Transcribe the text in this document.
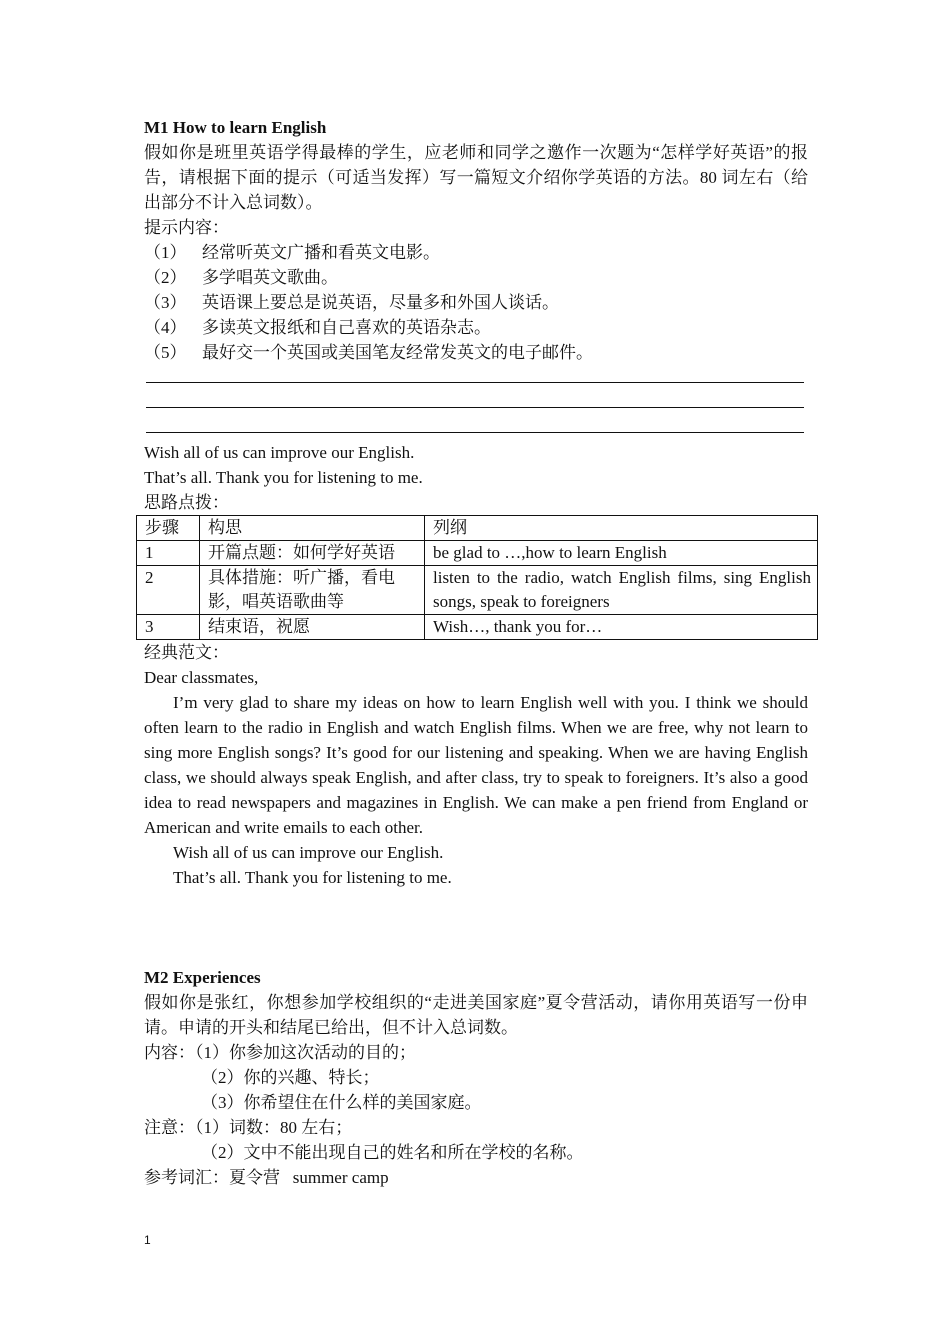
M1 How to learn English
假如你是班里英语学得最棒的学生，应老师和同学之邀作一次题为“怎样学好英语”的报告，请根据下面的提示（可适当发挥）写一篇短文介绍你学英语的方法。80 词左右（给出部分不计入总词数）。
提示内容：
（1） 经常听英文广播和看英文电影。
（2） 多学唱英文歌曲。
（3） 英语课上要总是说英语，尽量多和外国人谈话。
（4） 多读英文报纸和自己喜欢的英语杂志。
（5） 最好交一个英国或美国笔友经常发英文的电子邮件。
Wish all of us can improve our English.
That’s all. Thank you for listening to me.
思路点拨：
步骤	构思	列纲
1	开篇点题：如何学好英语	be glad to …,how to learn English
2	具体措施：听广播，看电影，唱英语歌曲等	listen to the radio, watch English films, sing English songs, speak to foreigners
3	结束语，祝愿	Wish…, thank you for…
经典范文：
Dear classmates,
I’m very glad to share my ideas on how to learn English well with you. I think we should often learn to the radio in English and watch English films. When we are free, why not learn to sing more English songs? It’s good for our listening and speaking. When we are having English class, we should always speak English, and after class, try to speak to foreigners. It’s also a good idea to read newspapers and magazines in English. We can make a pen friend from England or American and write emails to each other.
Wish all of us can improve our English.
That’s all. Thank you for listening to me.
M2 Experiences
假如你是张红，你想参加学校组织的“走进美国家庭”夏令营活动，请你用英语写一份申请。申请的开头和结尾已给出，但不计入总词数。
内容：（1）你参加这次活动的目的；
（2）你的兴趣、特长；
（3）你希望住在什么样的美国家庭。
注意：（1）词数：80 左右；
（2）文中不能出现自己的姓名和所在学校的名称。
参考词汇：夏令营   summer camp
1
